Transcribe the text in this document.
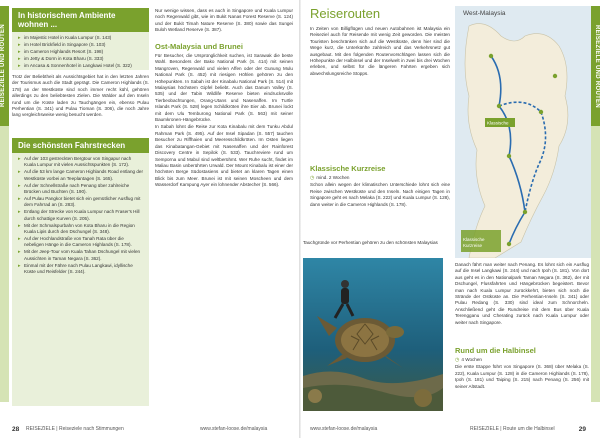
REISEZIELE UND ROUTEN
In historischem Ambiente wohnen ...
▸ im Majestic Hotel in Kuala Lumpur (S. 143)
▸ im Hotel Brickfield in Singapore (S. 103)
▸ im Cameron Highlands Resort (S. 198)
▸ im Jetty & Dorm in Kota Bharu (S. 333)
▸ im Ancasa & Sonnenhotel in Langkawi Hotel (S. 322)
Trotz der Beliebtheit als Aussichtsgebiet hat in den letzten Jahren der Tourismus auch die Stadt geprägt. Die Cameron Highlands (S. 178) an der Westküste sind noch immer recht kühl, gehören allerdings zu den beliebtesten Zielen. Die Wälder auf den Inseln rund um die Küste laden zu Tauchgängen ein, ebenso Pulau Perhentian (S. 341) und Pulau Tioman (S. 306), die noch Jahre lang vergleichsweise wenig besucht werden.
Die schönsten Fahrstrecken
▸ Auf der 103 gestreckten Bergtour von Singapur nach Kuala Lumpur mit vielen Aussichtspunkten (S. 172).
▸ Auf die 53 km lange Cameron Highlands Road entlang der Westküste vorbei an Teeplantagen (S. 165).
▸ Auf der Schnellstraße nach Penang über zahlreiche Brücken und Buchten (S. 190).
▸ Auf Pulau Pangkor bietet sich ein gemütlicher Ausflug mit dem Fahrrad an (S. 283).
▸ Entlang der Strecke von Kuala Lumpur nach Fraser's Hill durch schattige Kurven (S. 205).
▸ Mit der Schmalspurbahn von Kota Bharu in die Region Kuala Lipis durch den Dschungel (S. 348).
▸ Auf der Hochlandstraße von Tanah Rata über die nebeligen Hänge in die Cameron Highlands (S. 178).
▸ Mit der Jeep-Tour vom Kuala Tahan Dschungel mit vielen Aussichten in Taman Negara (S. 362).
▸ Einmal mit der Fähre nach Pulau Langkawi, idyllische Küste und Reisfelder (S. 244).
Nur wenige wissen, dass es auch in Singapore und Kuala Lumpur noch Regenwald gibt, wie im Bukit Nanas Forest Reserve (S. 124) und der Bukit Timah Nature Reserve (S. 380) sowie das Sungei Buloh Wetland Reserve (S. 387).
Ost-Malaysia und Brunei

Für Besucher, die Ursprünglichkeit suchen, ist Sarawak die beste Wahl. Besonders der Bako National Park (S. 414) mit seinen Mangroven, Regenwald und vielen Affen oder der Gunung Mulu National Park (S. 452) mit riesigen Höhlen gehören zu den Höhepunkten. In Sabah ist der Kinabalu National Park (S. 514) mit Malaysias höchstem Gipfel beliebt. Auch das Danum Valley (S. 535) und der Tabin Wildlife Reserve bieten eindrucksvolle Tierbeobachtungen, Orang-Utans und Nasenaffen. Im Turtle Islands Park (S. 528) legen Schildkröten ihre Eier ab. Brunei lockt mit dem Ulu Temburong National Park (S. 563) mit seiner Baumkronen-Hängebrücke.

In Sabah lohnt die Reise zur Kota Kinabalu mit dem Tunku Abdul Rahman Park (S. 495). Auf der Insel Sipadan (S. 557) tauchen Besucher zu Riffhaien und Meeresschildkröten. Im Osten liegen das Kinabatangan-Gebiet mit Nasenaffen und der Rainforest Discovery Centre in Sepilok (S. 533). Tauchreviere rund um Semporna und Mabul sind weltberühmt. Wer Ruhe sucht, findet im Maliau Basin unberührten Urwald. Der Mount Kinabalu ist einer der höchsten Berge Südostasiens und bietet an klaren Tagen einen Blick bis zum Meer. Brunei ist mit seinen Moscheen und dem Wasserdorf Kampung Ayer ein lohnender Abstecher (S. 566).

28 REISEZIELE | Reiseziele nach Stimmungen	www.stefan-loose.de/malaysia
REISEZIELE UND ROUTEN
Reiserouten
In Zeiten von Billigflügen und neuen Autobahnen ist Malaysia ein Reiseziel auch für Reisende mit wenig Zeit geworden. Die meisten Touristen beschränken sich auf die Westküste, denn hier sind die Wege kurz, die Unterkünfte zahlreich und das Verkehrsnetz gut ausgebaut. Mit den folgenden Routenvorschlägen lassen sich die Höhepunkte der Halbinsel und der Inselwelt in zwei bis drei Wochen erleben, und selbst für die längeren Fahrten ergeben sich abwechslungsreiche Stopps.
Klassische Kurzreise

◷ mind. 2 Wochen

Schon allein wegen der klimatischen Unterschiede lohnt sich eine Reise zwischen Westküste und den Inseln. Nach einigen Tagen in Singapore geht es nach Melaka (S. 222) und Kuala Lumpur (S. 128), dann weiter in die Cameron Highlands (S. 178).

Tauchgründe vor Perhentian gehören zu den schönsten Malaysias

Danach fährt man weiter nach Penang. Es lohnt sich ein Ausflug auf die Insel Langkawi (S. 244) und nach Ipoh (S. 181). Von dort aus geht es in den Nationalpark Taman Negara (S. 362), der mit Dschungel, Flussfahrten und Hängebrücken begeistert. Bevor man nach Kuala Lumpur zurückkehrt, bieten sich noch die Strände der Ostküste an. Die Perhentian-Inseln (S. 341) oder Pulau Redang (S. 330) sind ideal zum Schnorcheln. Anschließend geht die Rundreise mit dem Bus über Kuala Terengganu und Cherating zurück nach Kuala Lumpur oder weiter nach Singapore.

Rund um die Halbinsel

◷ 4 Wochen

Die erste Etappe führt von Singapore (S. 368) über Melaka (S. 222), Kuala Lumpur (S. 128) in die Cameron Highlands (S. 178), Ipoh (S. 181) und Taiping (S. 215) nach Penang (S. 256) mit seiner Altstadt.

West-Malaysia
Klassische
Klassische Kurzreise
www.stefan-loose.de/malaysia	REISEZIELE | Route um die Halbinsel	29
